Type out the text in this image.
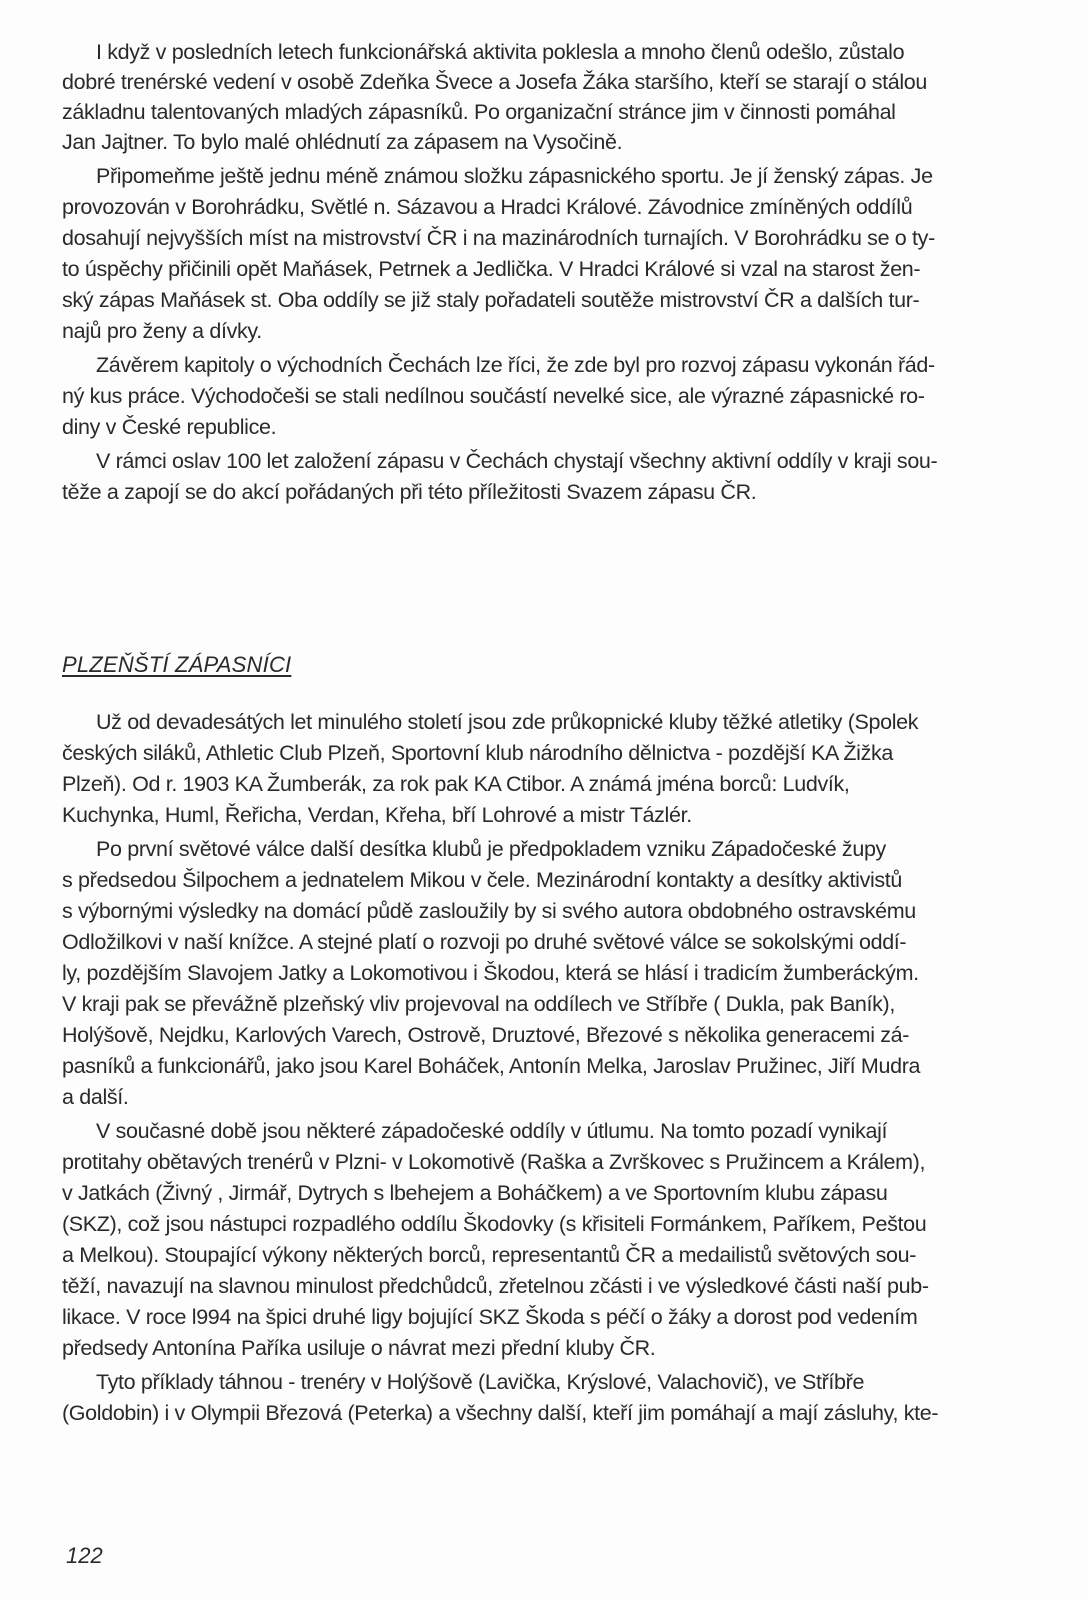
I když v posledních letech funkcionářská aktivita poklesla a mnoho členů odešlo, zůstalo

dobré trenérské vedení v osobě Zdeňka Švece a Josefa Žáka staršího, kteří se starají o stálou

základnu talentovaných mladých zápasníků. Po organizační stránce jim v činnosti pomáhal

Jan Jajtner. To bylo malé ohlédnutí za zápasem na Vysočině.

Připomeňme ještě jednu méně známou složku zápasnického sportu. Je jí ženský zápas. Je

provozován v Borohrádku, Světlé n. Sázavou a Hradci Králové. Závodnice zmíněných oddílů

dosahují nejvyšších míst na mistrovství ČR i na mazinárodních turnajích. V Borohrádku se o ty-

to úspěchy přičinili opět Maňásek, Petrnek a Jedlička. V Hradci Králové si vzal na starost žen-

ský zápas Maňásek st. Oba oddíly se již staly pořadateli soutěže mistrovství ČR a dalších tur-

najů pro ženy a dívky.

Závěrem kapitoly o východních Čechách lze říci, že zde byl pro rozvoj zápasu vykonán řád-

ný kus práce. Východočeši se stali nedílnou součástí nevelké sice, ale výrazné zápasnické ro-

diny v České republice.

V rámci oslav 100 let založení zápasu v Čechách chystají všechny aktivní oddíly v kraji sou-

těže a zapojí se do akcí pořádaných při této příležitosti Svazem zápasu ČR.

PLZEŇŠTÍ ZÁPASNÍCI

Už od devadesátých let minulého století jsou zde průkopnické kluby těžké atletiky (Spolek

českých siláků, Athletic Club Plzeň, Sportovní klub národního dělnictva - pozdější KA Žižka

Plzeň). Od r. 1903 KA Žumberák, za rok pak KA Ctibor. A známá jména borců: Ludvík,

Kuchynka, Huml, Řeřicha, Verdan, Křeha, bří Lohrové a mistr Tázlér.

Po první světové válce další desítka klubů je předpokladem vzniku Západočeské župy

s předsedou Šilpochem a jednatelem Mikou v čele. Mezinárodní kontakty a desítky aktivistů

s výbornými výsledky na domácí půdě zasloužily by si svého autora obdobného ostravskému

Odložilkovi v naší knížce. A stejné platí o rozvoji po druhé světové válce se sokolskými oddí-

ly, pozdějším Slavojem Jatky a Lokomotivou i Škodou, která se hlásí i tradicím žumberáckým.

V kraji pak se převážně plzeňský vliv projevoval na oddílech ve Stříbře ( Dukla, pak Baník),

Holýšově, Nejdku, Karlových Varech, Ostrově, Druztové, Březové s několika generacemi zá-

pasníků a funkcionářů, jako jsou Karel Boháček, Antonín Melka, Jaroslav Pružinec, Jiří Mudra

a další.

V současné době jsou některé západočeské oddíly v útlumu. Na tomto pozadí vynikají

protitahy obětavých trenérů v Plzni- v Lokomotivě (Raška a Zvrškovec s Pružincem a Králem),

v Jatkách (Živný , Jirmář, Dytrych s lbehejem a Boháčkem) a ve Sportovním klubu zápasu

(SKZ), což jsou nástupci rozpadlého oddílu Škodovky (s křisiteli Formánkem, Paříkem, Peštou

a Melkou). Stoupající výkony některých borců, representantů ČR a medailistů světových sou-

těží, navazují na slavnou minulost předchůdců, zřetelnou zčásti i ve výsledkové části naší pub-

likace. V roce l994 na špici druhé ligy bojující SKZ Škoda s péčí o žáky a dorost pod vedením

předsedy Antonína Paříka usiluje o návrat mezi přední kluby ČR.

Tyto příklady táhnou - trenéry v Holýšově (Lavička, Krýslové, Valachovič), ve Stříbře

(Goldobin) i v Olympii Březová (Peterka) a všechny další, kteří jim pomáhají a mají zásluhy, kte-

122
